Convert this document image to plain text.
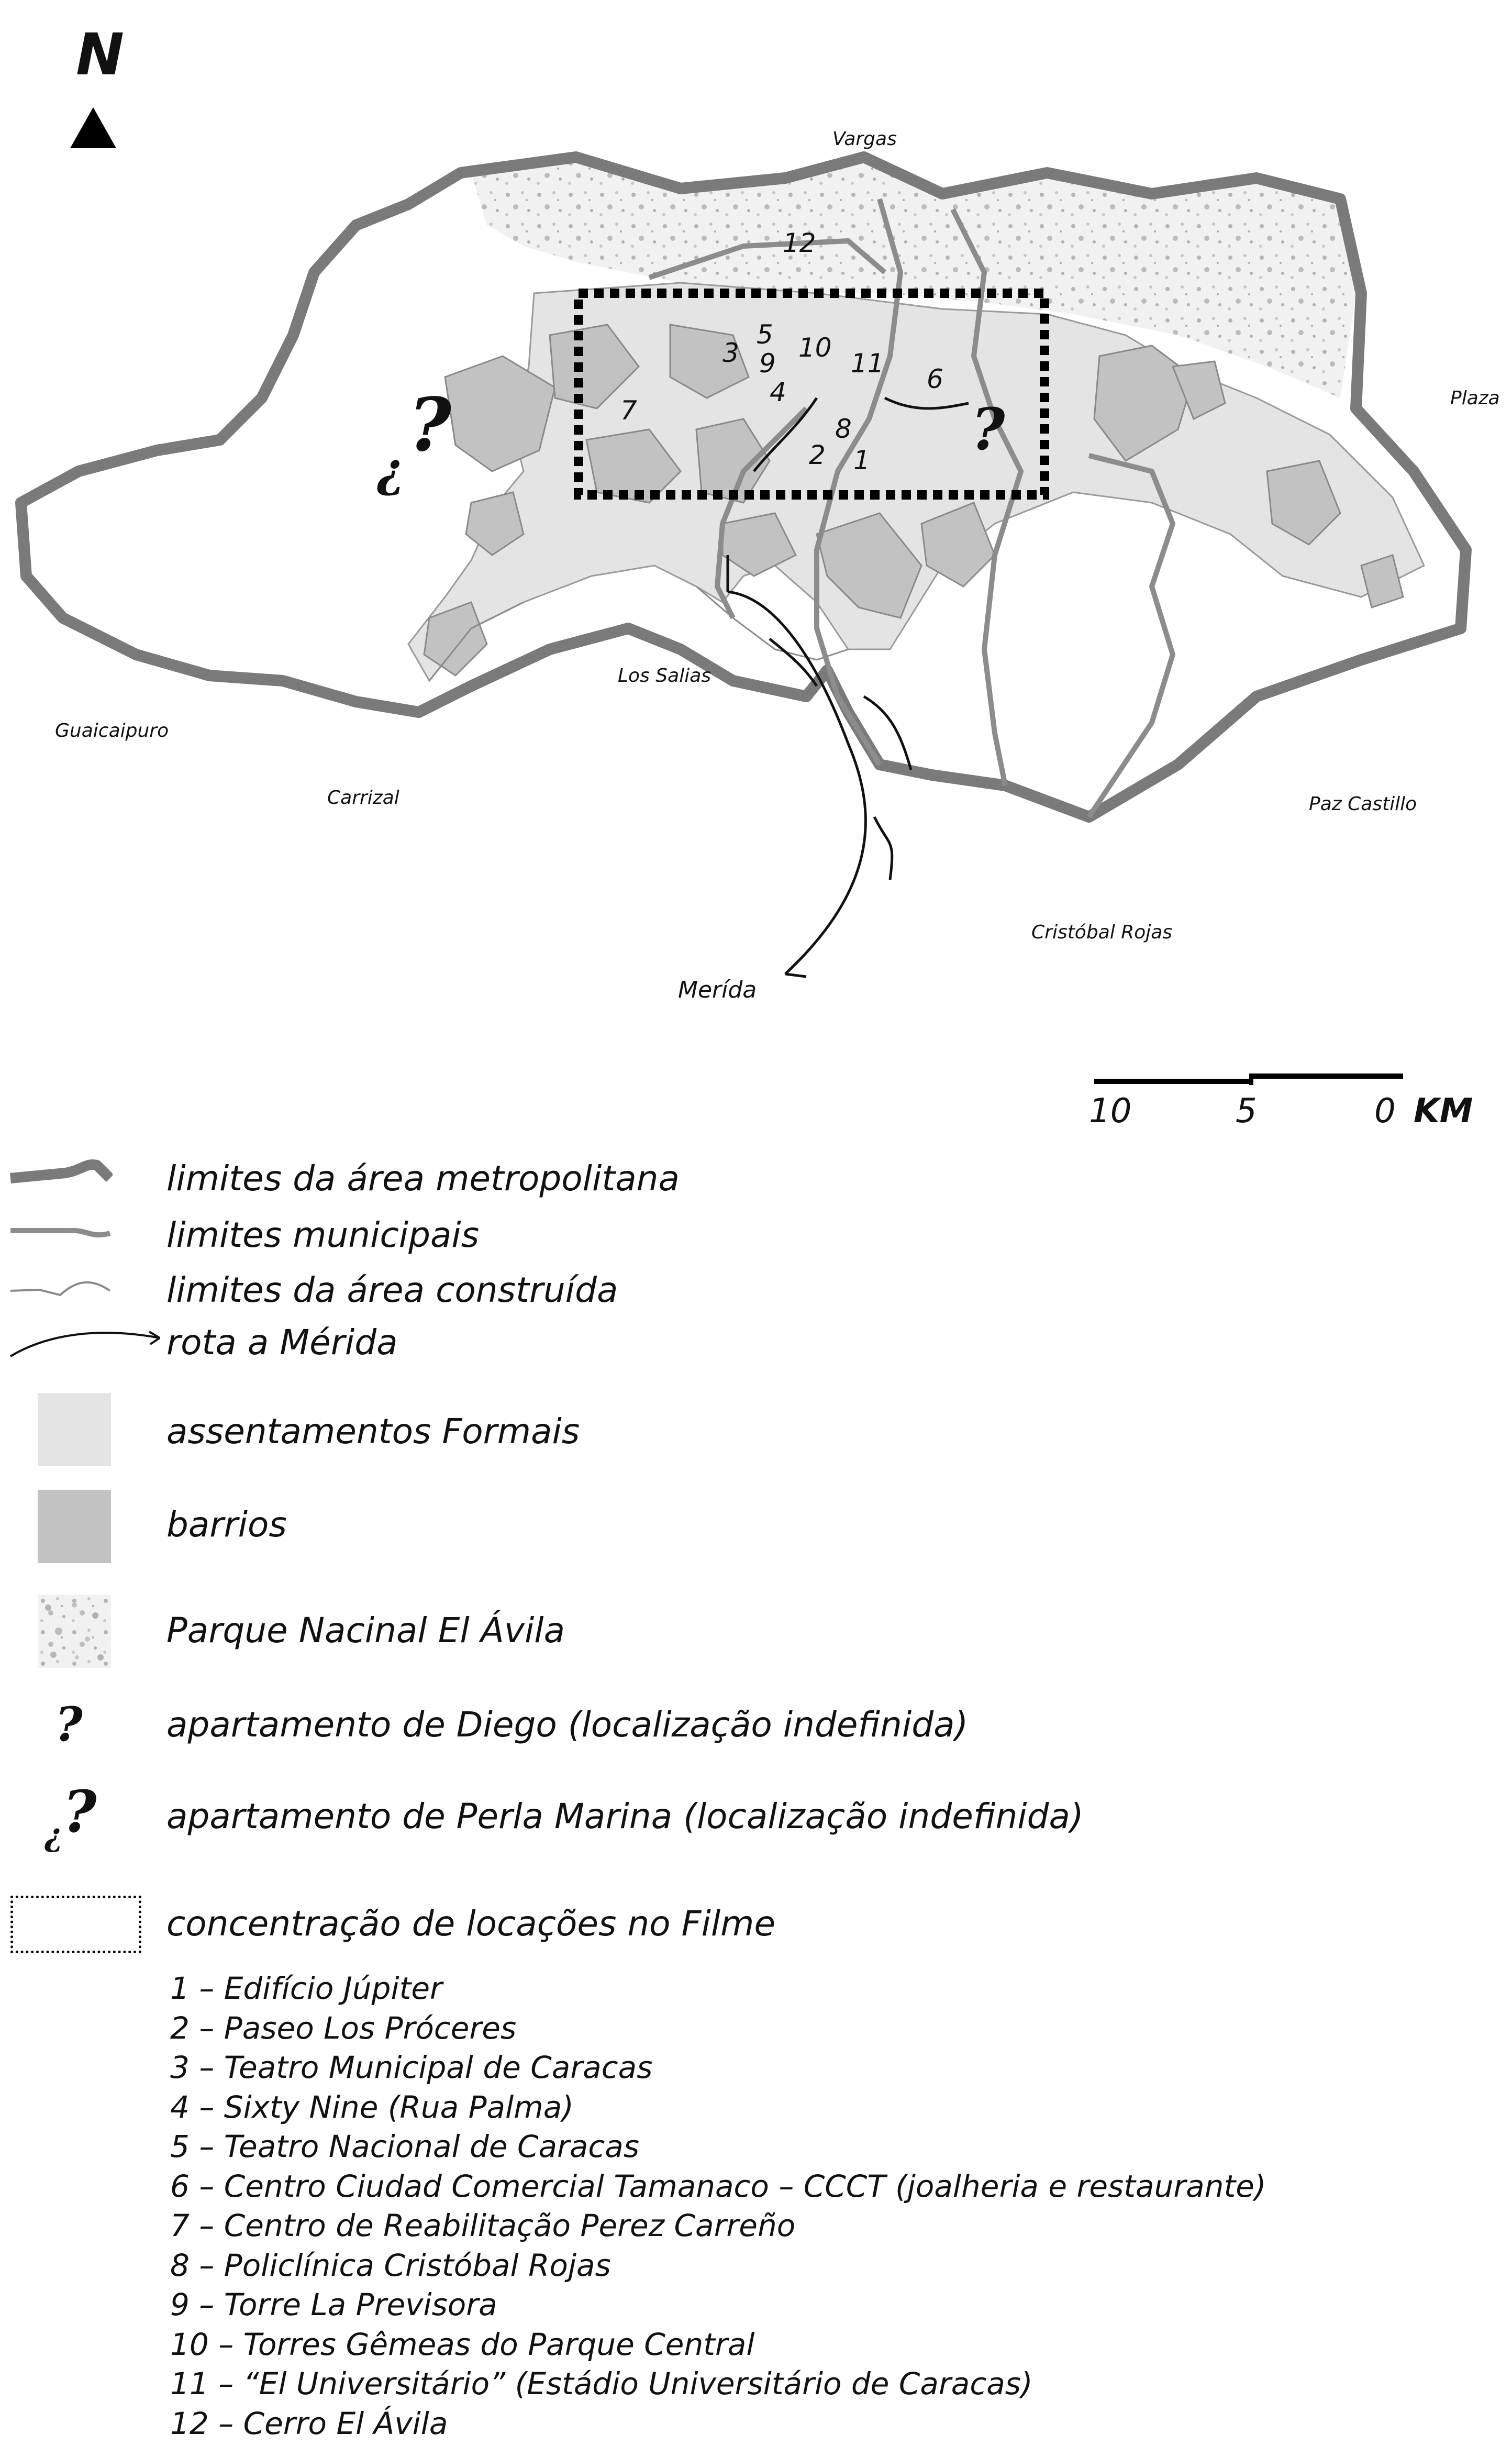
N
Vargas
Plaza
Los Salias
Guaicaipuro
Carrizal	Paz Castillo
Cristóbal Rojas
Merída
12
3
5
9
10
4
11
6
7
8
2 1 ?
¿
?
10	5	0 KM
limites da área metropolitana
limites municipais
limites da área construída
rota a Mérida
assentamentos Formais
barrios
Parque Nacinal El Ávila
? apartamento de Diego (localização indefinida)
¿ ? apartamento de Perla Marina (localização indefinida)
concentração de locações no Filme
1 – Edifício Júpiter
2 – Paseo Los Próceres
3 – Teatro Municipal de Caracas
4 – Sixty Nine (Rua Palma)
5 – Teatro Nacional de Caracas
6 – Centro Ciudad Comercial Tamanaco – CCCT (joalheria e restaurante)
7 – Centro de Reabilitação Perez Carreño
8 – Policlínica Cristóbal Rojas
9 – Torre La Previsora
10 – Torres Gêmeas do Parque Central
11 – “El Universitário” (Estádio Universitário de Caracas)
12 – Cerro El Ávila
